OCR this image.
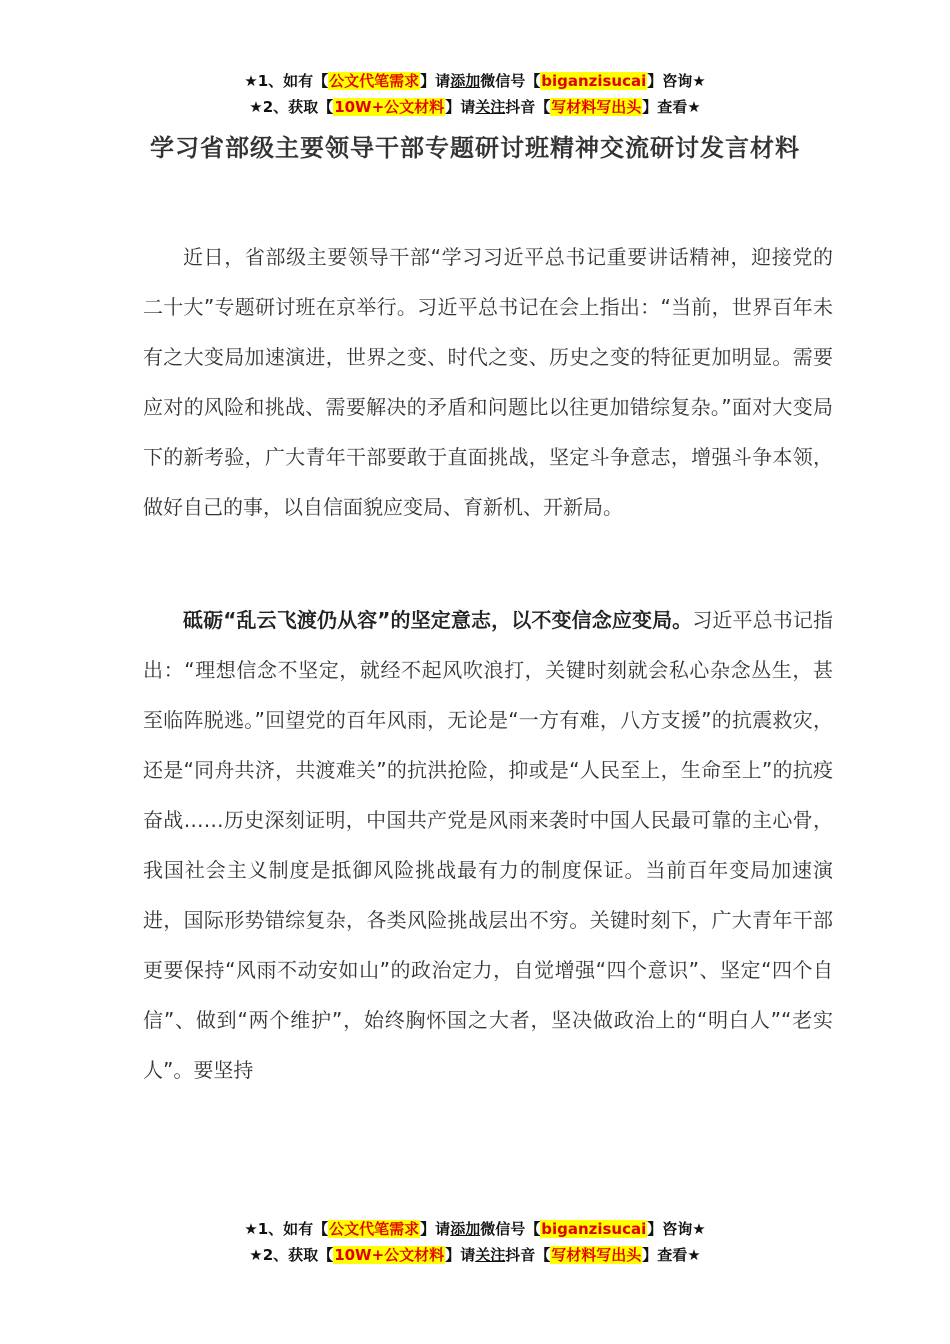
★1、如有【公文代笔需求】请添加微信号【biganzisucai】咨询★
★2、获取【10W+公文材料】请关注抖音【写材料写出头】查看★
学习省部级主要领导干部专题研讨班精神交流研讨发言材料

近日，省部级主要领导干部“学习习近平总书记重要讲话精神，迎接党的二十大”专题研讨班在京举行。习近平总书记在会上指出：“当前，世界百年未有之大变局加速演进，世界之变、时代之变、历史之变的特征更加明显。需要应对的风险和挑战、需要解决的矛盾和问题比以往更加错综复杂。”面对大变局下的新考验，广大青年干部要敢于直面挑战，坚定斗争意志，增强斗争本领，做好自己的事，以自信面貌应变局、育新机、开新局。

砥砺“乱云飞渡仍从容”的坚定意志，以不变信念应变局。习近平总书记指出：“理想信念不坚定，就经不起风吹浪打，关键时刻就会私心杂念丛生，甚至临阵脱逃。”回望党的百年风雨，无论是“一方有难，八方支援”的抗震救灾，还是“同舟共济，共渡难关”的抗洪抢险，抑或是“人民至上，生命至上”的抗疫奋战……历史深刻证明，中国共产党是风雨来袭时中国人民最可靠的主心骨，我国社会主义制度是抵御风险挑战最有力的制度保证。当前百年变局加速演进，国际形势错综复杂，各类风险挑战层出不穷。关键时刻下，广大青年干部更要保持“风雨不动安如山”的政治定力，自觉增强“四个意识”、坚定“四个自信”、做到“两个维护”，始终胸怀国之大者，坚决做政治上的“明白人”“老实人”。要坚持

★1、如有【公文代笔需求】请添加微信号【biganzisucai】咨询★
★2、获取【10W+公文材料】请关注抖音【写材料写出头】查看★
